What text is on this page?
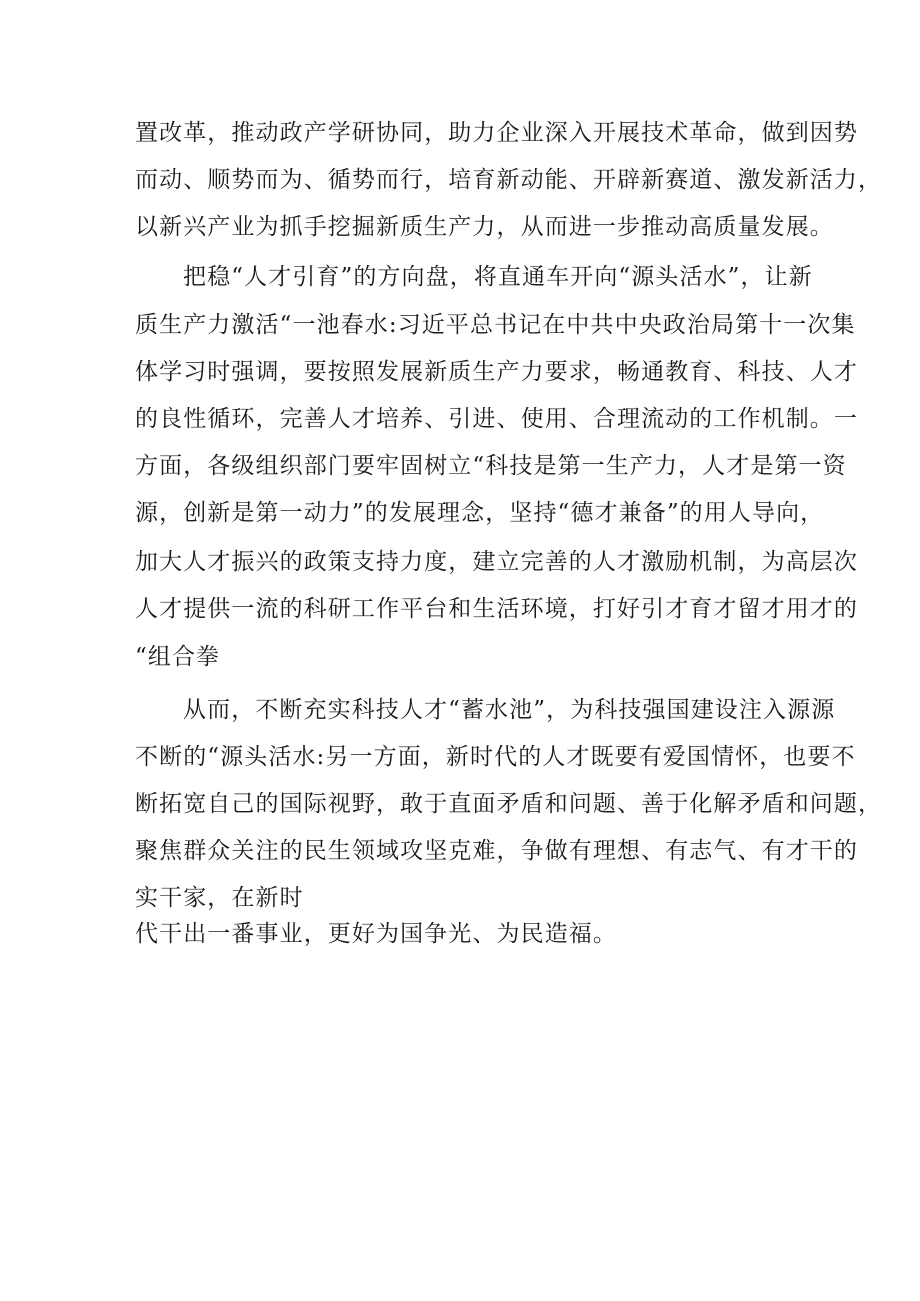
置改革，推动政产学研协同，助力企业深入开展技术革命，做到因势
而动、顺势而为、循势而行，培育新动能、开辟新赛道、激发新活力，
以新兴产业为抓手挖掘新质生产力，从而进一步推动高质量发展。
把稳“人才引育”的方向盘，将直通车开向“源头活水”，让新
质生产力激活“一池春水:习近平总书记在中共中央政治局第十一次集
体学习时强调，要按照发展新质生产力要求，畅通教育、科技、人才
的良性循环，完善人才培养、引进、使用、合理流动的工作机制。一
方面，各级组织部门要牢固树立“科技是第一生产力，人才是第一资
源，创新是第一动力”的发展理念，坚持“德才兼备”的用人导向，
加大人才振兴的政策支持力度，建立完善的人才激励机制，为高层次
人才提供一流的科研工作平台和生活环境，打好引才育才留才用才的
“组合拳
从而，不断充实科技人才“蓄水池”，为科技强国建设注入源源
不断的“源头活水:另一方面，新时代的人才既要有爱国情怀，也要不
断拓宽自己的国际视野，敢于直面矛盾和问题、善于化解矛盾和问题，
聚焦群众关注的民生领域攻坚克难，争做有理想、有志气、有才干的
实干家，在新时
代干出一番事业，更好为国争光、为民造福。
